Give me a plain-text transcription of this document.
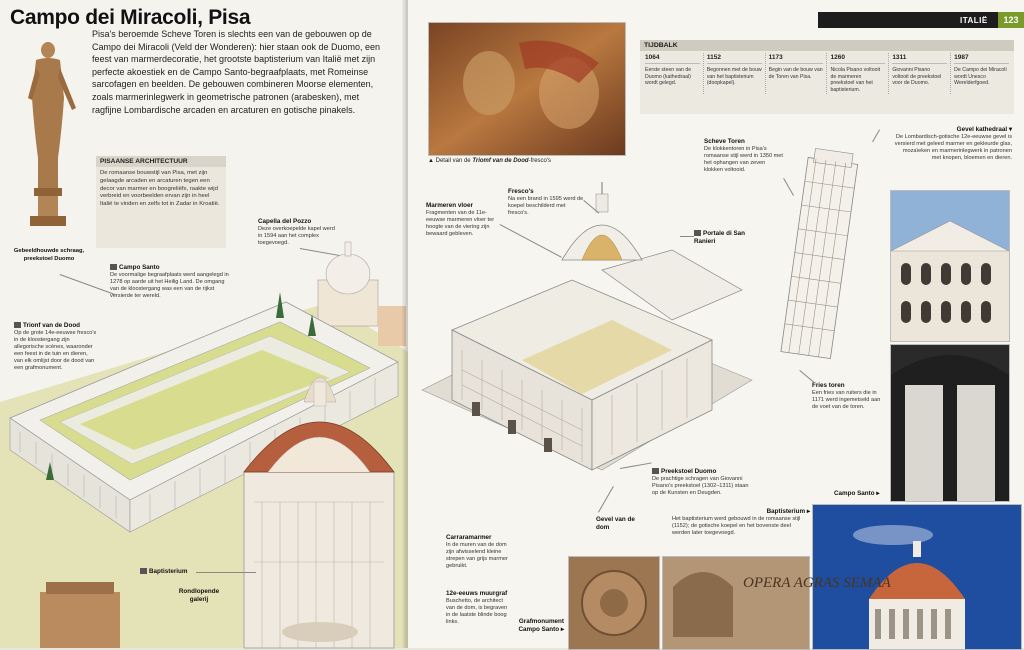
Campo dei Miracoli, Pisa
Pisa's beroemde Scheve Toren is slechts een van de gebouwen op de Campo dei Miracoli (Veld der Wonderen): hier staan ook de Duomo, een feest van marmerdecoratie, het grootste baptisterium van Italië met zijn perfecte akoestiek en de Campo Santo-begraafplaats, met Romeinse sarcofagen en beelden. De gebouwen combineren Moorse elementen, zoals marmerinlegwerk in geometrische patronen (arabesken), met ragfijne Lombardische arcaden en arcaturen en gotische pinakels.
Gebeeldhouwde schraag, preekstoel Duomo
PISAANSE ARCHITECTUUR
De romaanse bouwstijl van Pisa, met zijn gelaagde arcaden en arcaturen tegen een decor van marmer en boogreliëfs, raakte wijd verbreid en voorbeelden ervan zijn in heel Italië te vinden en zelfs tot in Zadar in Kroatië.
Capella del Pozzo
Deze overkoepelde kapel werd in 1594 aan het complex toegevoegd.
Campo Santo
De voormalige begraafplaats werd aangelegd in 1278 op aarde uit het Heilig Land. De omgang van de kloostergang was een van de rijkst versierde ter wereld.
Trionf van de Dood
Op de grote 14e-eeuwse fresco's in de kloostergang zijn allegorische scènes, waaronder een feest in de tuin en dieren, van elk omlijst door de dood van een grafmonument.
Baptisterium
Rondlopende galerij
ITALIË	123
▲ Detail van de Triomf van de Dood-fresco's
TIJDBALK
1064
Eerste steen van de Duomo (kathedraal) wordt gelegd.
1152
Begonnen met de bouw van het baptisterium (doopkapel).
1173
Begin van de bouw van de Toren van Pisa.
1260
Nicola Pisano voltooit de marmeren preekstoel van het baptisterium.
1311
Giovanni Pisano voltooit de preekstoel voor de Duomo.
1987
De Campo dei Miracoli wordt Unesco Werelderfgoed.
Campo Santo ▸
OPERA AGRAS SEMAA
Marmeren vloer
Fragmenten van de 11e-eeuwse marmeren vloer ter hoogte van de viering zijn bewaard gebleven.
Fresco's
Na een brand in 1595 werd de koepel beschilderd met fresco's.
Portale di San Ranieri
Scheve Toren
De klokkentoren in Pisa's romaanse stijl werd in 1350 met het ophangen van zeven klokken voltooid.
Gevel kathedraal ▾
De Lombardisch-gotische 12e-eeuwse gevel is versierd met geleed marmer en gekleurde glas, mozaïeken en marmerinlegwerk in patronen met knopen, bloemen en dieren.
Fries toren
Een fries van ruiters die in 1171 werd ingemetseld aan de voet van de toren.
Preekstoel Duomo
De prachtige schragen van Giovanni Pisano's preekstoel (1302–1311) staan op de Kunsten en Deugden.
Gevel van de dom
Baptisterium ▸
Het baptisterium werd gebouwd in de romaanse stijl (1152); de gotische koepel en het bovenste deel werden later toegevoegd.
Carraramarmer
In de muren van de dom zijn afwisselend kleine strepen van grijs marmer gebruikt.
12e-eeuws muurgraf
Buschetto, de architect van de dom, is begraven in de laatste blinde boog links.	Grafmonument Campo Santo ▸
